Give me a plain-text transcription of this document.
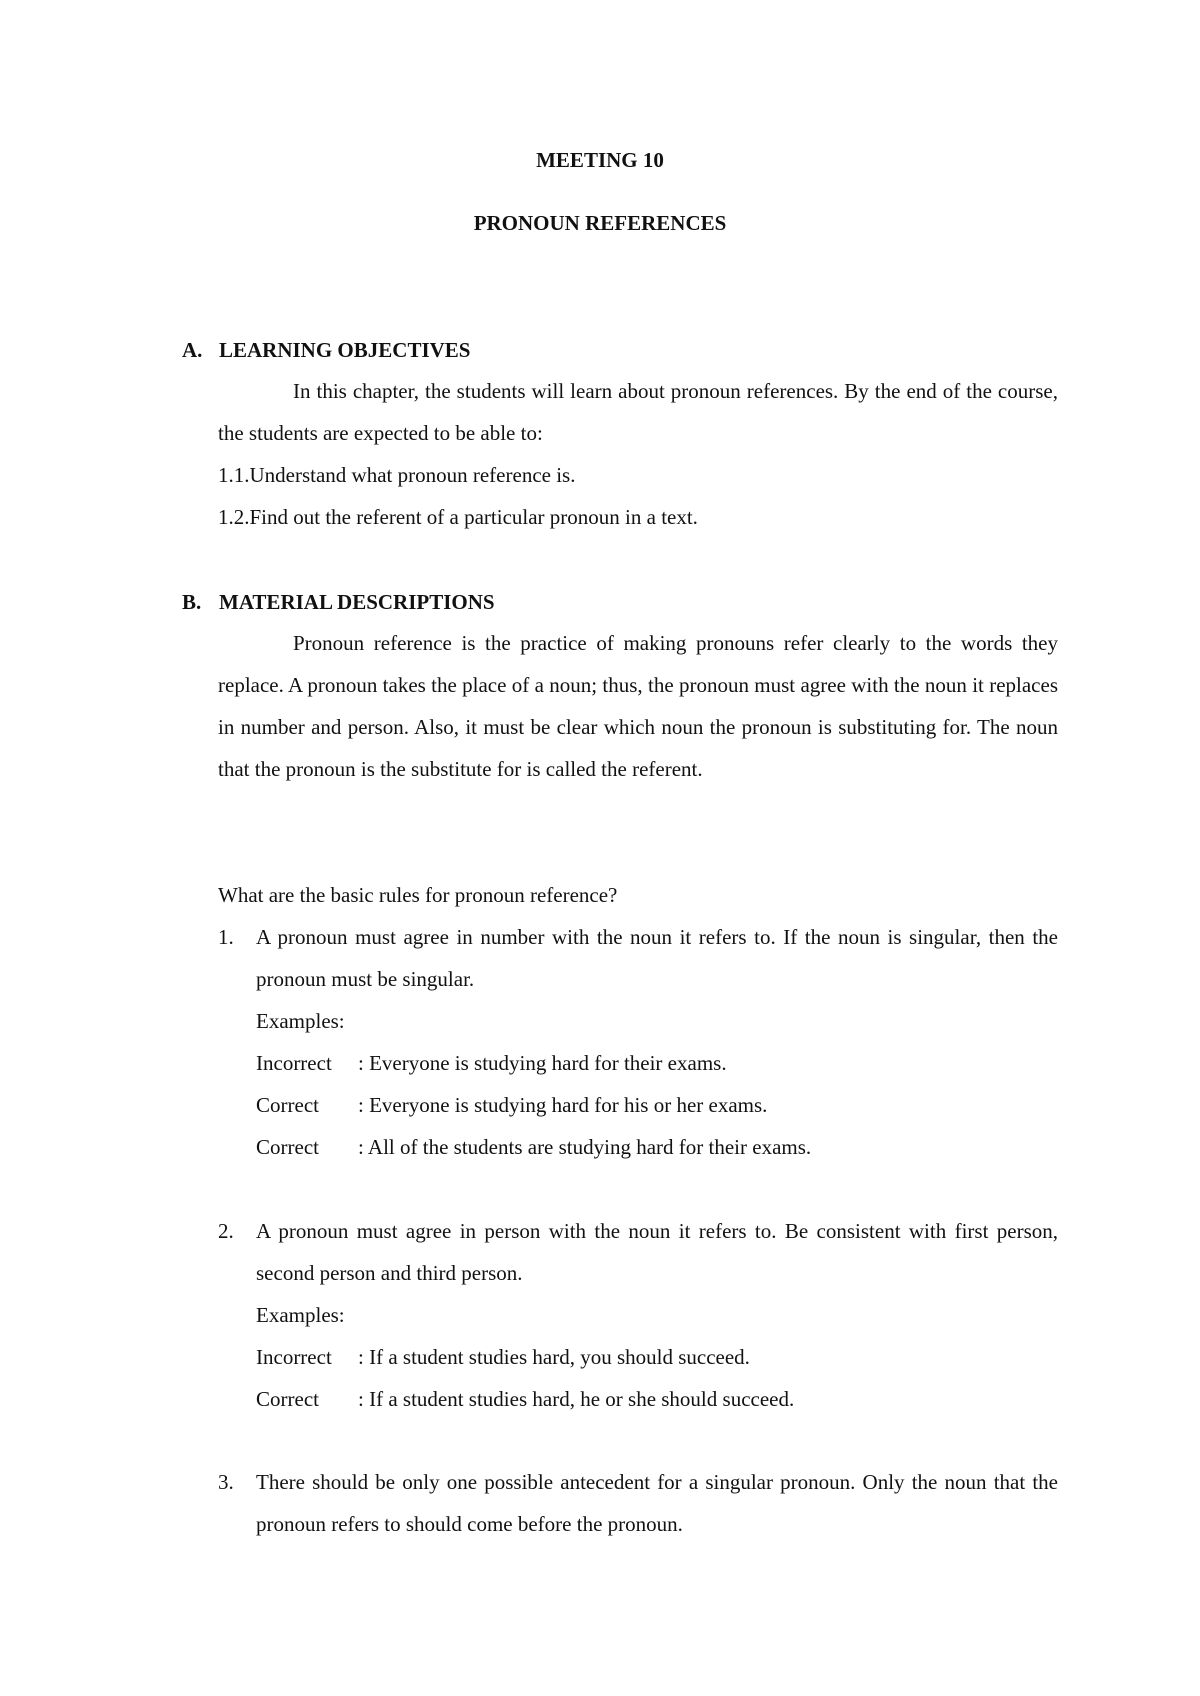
MEETING 10
PRONOUN REFERENCES
A. LEARNING OBJECTIVES
In this chapter, the students will learn about pronoun references. By the end of the course, the students are expected to be able to:
1.1.Understand what pronoun reference is.
1.2.Find out the referent of a particular pronoun in a text.
B. MATERIAL DESCRIPTIONS
Pronoun reference is the practice of making pronouns refer clearly to the words they replace. A pronoun takes the place of a noun; thus, the pronoun must agree with the noun it replaces in number and person. Also, it must be clear which noun the pronoun is substituting for. The noun that the pronoun is the substitute for is called the referent.
What are the basic rules for pronoun reference?
1.	A pronoun must agree in number with the noun it refers to. If the noun is singular, then the pronoun must be singular.
Examples:
Incorrect : Everyone is studying hard for their exams.
Correct : Everyone is studying hard for his or her exams.
Correct : All of the students are studying hard for their exams.
2.	A pronoun must agree in person with the noun it refers to. Be consistent with first person, second person and third person.
Examples:
Incorrect : If a student studies hard, you should succeed.
Correct : If a student studies hard, he or she should succeed.
3.	There should be only one possible antecedent for a singular pronoun. Only the noun that the pronoun refers to should come before the pronoun.
